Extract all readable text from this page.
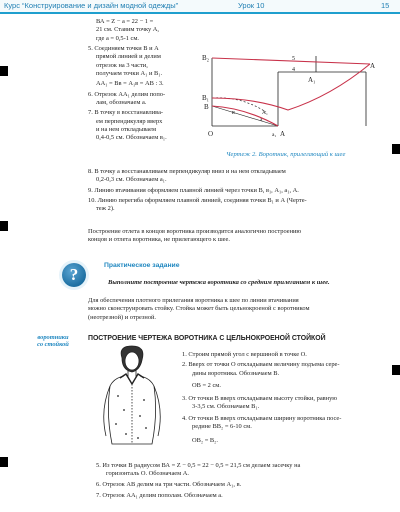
Курс “Конструирование и дизайн модной одежды”	Урок 10	15
ВА = Z − а = 22 − 1 =
21 см. Ставим точку А,
где а = 0,5-1 см.
5. Соединяем точки В и А
прямой линией и делим
отрезок на 3 части,
получаем точки А₁ и В₁.
АА₁ = Вв = А₁в = АВ : 3.
6. Отрезок АА₁ делим попо-
лам, обозначаем а.
7. В точку в восстанавлива-
ем перпендикуляр вверх
и на нем откладываем
0,4-0,5 см. Обозначаем в₁.
В₂
В₁
В
О	А
А₁
А
А₁
а₁
а
в
5
4
Чертеж 2. Воротник, прилегающий к шее
8. В точку а восстанавливаем перпендикуляр вниз и на нем откладываем
0,2-0,3 см. Обозначаем а₁.
9. Линию втачивания оформляем плавной линией через точки В, в₁, А₁, а₁, А.
10. Линию перегиба оформляем плавной линией, соединяя точки В₁ и А (Черте-
теж 2).
Построение отлета в концов воротника производится аналогично построению
концов и отлета воротника, не прилегающего к шее.
?	Практическое задание
Выполните построение чертежа воротника со средним прилеганием к шее.
Для обеспечения плотного прилегания воротника к шее по линии втачивания
можно сконструировать стойку. Стойка может быть цельнокроеной с воротником
(неотрезной) и отрезной.
воротники
со стойкой
ПОСТРОЕНИЕ ЧЕРТЕЖА ВОРОТНИКА С ЦЕЛЬНОКРОЕНОЙ СТОЙКОЙ
1. Строим прямой угол с вершиной в точке О.
2. Вверх от точки О откладываем величину подъема сере-
дины воротника. Обозначаем В.
ОВ = 2 см.
3. От точки В вверх откладываем высоту стойки, равную
3-3,5 см. Обозначаем В₁.
4. От точки В вверх откладываем ширину воротника посе-
редине ВВ₂ = 6-10 см.
ОВ₂ = В₂.
5. Из точки В радиусом ВА = Z − 0,5 = 22 − 0,5 = 21,5 см делаем засечку на
горизонталь О. Обозначаем А.
6. Отрезок АВ делим на три части. Обозначаем А₁, в.
7. Отрезок АА₁ делим пополам. Обозначаем а.
